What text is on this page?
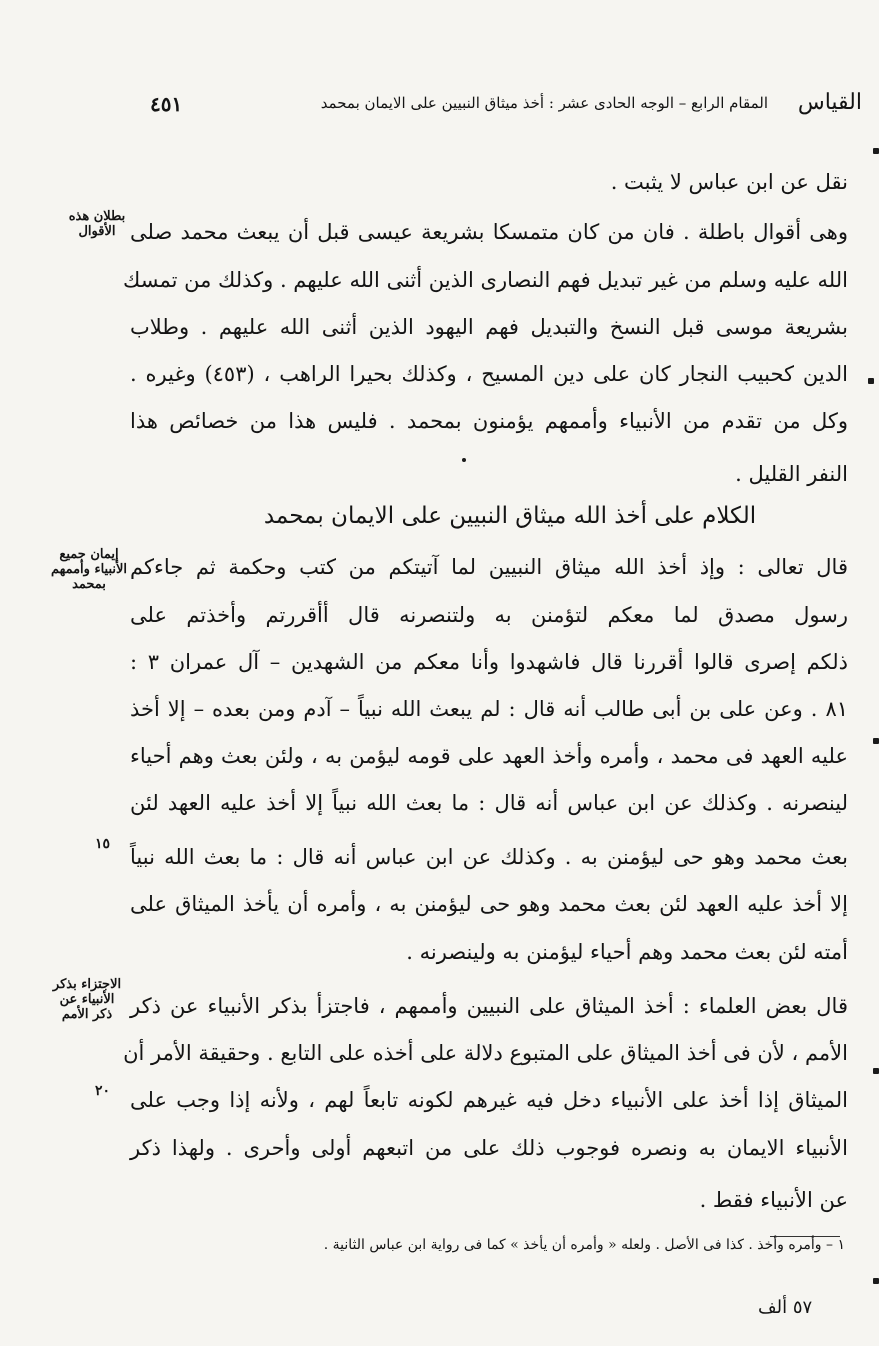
القياس
المقام الرابع – الوجه الحادى عشر : أخذ ميثاق النبيين على الايمان بمحمد
٤٥١
نقل عن ابن عباس لا يثبت .
وهى أقوال باطلة . فان من كان متمسكا بشريعة عيسى قبل أن يبعث محمد صلى
الله عليه وسلم من غير تبديل فهم النصارى الذين أثنى الله عليهم . وكذلك من تمسك
بشريعة موسى قبل النسخ والتبديل فهم اليهود الذين أثنى الله عليهم . وطلاب
الدين كحبيب النجار كان على دين المسيح ، وكذلك بحيرا الراهب ، (٤٥٣) وغيره .
وكل من تقدم من الأنبياء وأممهم يؤمنون بمحمد . فليس هذا من خصائص هذا
النفر القليل .
قال تعالى : وإذ أخذ الله ميثاق النبيين لما آتيتكم من كتب وحكمة ثم جاءكم
رسول مصدق لما معكم لتؤمنن به ولتنصرنه قال أأقررتم وأخذتم على
ذلكم إصرى قالوا أقررنا قال فاشهدوا وأنا معكم من الشهدين – آل عمران ٣ :
٨١ . وعن على بن أبى طالب أنه قال : لم يبعث الله نبياً – آدم ومن بعده – إلا أخذ
عليه العهد فى محمد ، وأمره وأخذ العهد على قومه ليؤمن به ، ولئن بعث وهم أحياء
لينصرنه . وكذلك عن ابن عباس أنه قال : ما بعث الله نبياً إلا أخذ عليه العهد لئن
بعث محمد وهو حى ليؤمنن به . وكذلك عن ابن عباس أنه قال : ما بعث الله نبياً
إلا أخذ عليه العهد لئن بعث محمد وهو حى ليؤمنن به ، وأمره أن يأخذ الميثاق على
أمته لئن بعث محمد وهم أحياء ليؤمنن به ولينصرنه .
قال بعض العلماء : أخذ الميثاق على النبيين وأممهم ، فاجتزأ بذكر الأنبياء عن ذكر
الأمم ، لأن فى أخذ الميثاق على المتبوع دلالة على أخذه على التابع . وحقيقة الأمر أن
الميثاق إذا أخذ على الأنبياء دخل فيه غيرهم لكونه تابعاً لهم ، ولأنه إذا وجب على
الأنبياء الايمان به ونصره فوجوب ذلك على من اتبعهم أولى وأحرى . ولهذا ذكر
عن الأنبياء فقط .
الكلام على أخذ الله ميثاق النبيين على الايمان بمحمد
بطلان هذه الأقوال
إيمان جميع الأنبياء وأممهم بمحمد
الاجتزاء بذكر الأنبياء عن ذكر الأمم
١٥
٢٠
١ – وأمره وأخذ . كذا فى الأصل . ولعله « وأمره أن يأخذ » كما فى رواية ابن عباس الثانية .
٥٧ ألف
